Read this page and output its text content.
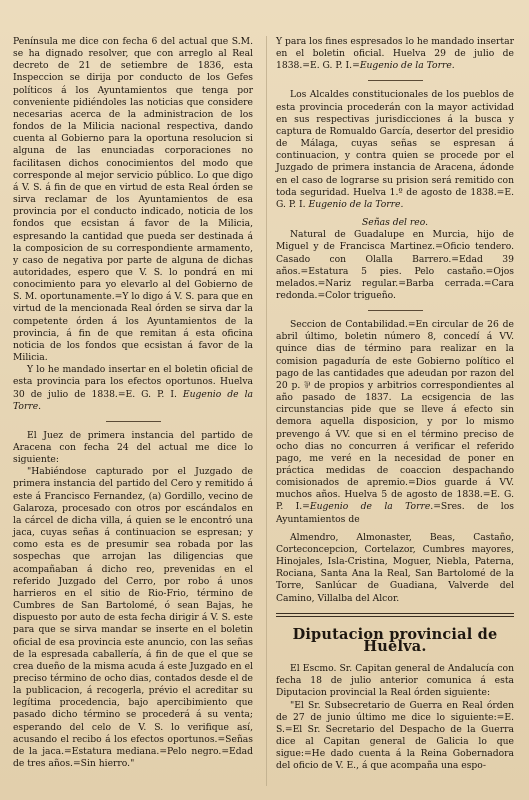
Península me dice con fecha 6 del actual que S.M. se ha dignado resolver, que con arreglo al Real decreto de 21 de setiembre de 1836, esta Inspeccion se dirija por conducto de los Gefes políticos á los Ayuntamientos que tenga por conveniente pidiéndoles las noticias que considere necesarias acerca de la administracion de los fondos de la Milicia nacional respectiva, dando cuenta al Gobierno para la oportuna resolucion si alguna de las enunciadas corporaciones no facilitasen dichos conocimientos del modo que corresponde al mejor servicio público. Lo que digo á V. S. á fin de que en virtud de esta Real órden se sirva reclamar de los Ayuntamientos de esa provincia por el conducto indicado, noticia de los fondos que ecsistan á favor de la Milicia, espresando la cantidad que pueda ser destinada á la composicion de su correspondiente armamento, y caso de negativa por parte de alguna de dichas autoridades, espero que V. S. lo pondrá en mi conocimiento para yo elevarlo al del Gobierno de S. M. oportunamente.=Y lo digo á V. S. para que en virtud de la mencionada Real órden se sirva dar la competente órden á los Ayuntamientos de la provincia, á fin de que remitan á esta oficina noticia de los fondos que ecsistan á favor de la Milicia.

Y lo he mandado insertar en el boletin oficial de esta provincia para los efectos oportunos. Huelva 30 de julio de 1838.=E. G. P. I. Eugenio de la Torre.

El Juez de primera instancia del partido de Aracena con fecha 24 del actual me dice lo siguiente:

"Habiéndose capturado por el Juzgado de primera instancia del partido del Cero y remitido á este á Francisco Fernandez, (a) Gordillo, vecino de Galaroza, procesado con otros por escándalos en la cárcel de dicha villa, á quien se le encontró una jaca, cuyas señas á continuacion se espresan; y como esta es de presumir sea robada por las sospechas que arrojan las diligencias que acompañaban á dicho reo, prevenidas en el referido Juzgado del Cerro, por robo á unos harrieros en el sitio de Rio-Frio, término de Cumbres de San Bartolomé, ó sean Bajas, he dispuesto por auto de esta fecha dirigir á V. S. este para que se sirva mandar se inserte en el boletin oficial de esa provincia este anuncio, con las señas de la espresada caballería, á fin de que el que se crea dueño de la misma acuda á este Juzgado en el preciso término de ocho dias, contados desde el de la publicacion, á recogerla, prévio el acreditar su legítima procedencia, bajo apercibimiento que pasado dicho término se procederá á su venta; esperando del celo de V. S. lo verifique así, acusando el recibo á los efectos oportunos.=Señas de la jaca.=Estatura mediana.=Pelo negro.=Edad de tres años.=Sin hierro."

Y para los fines espresados lo he mandado insertar en el boletin oficial. Huelva 29 de julio de 1838.=E. G. P. I.=Eugenio de la Torre.

Los Alcaldes constitucionales de los pueblos de esta provincia procederán con la mayor actividad en sus respectivas jurisdicciones á la busca y captura de Romualdo García, desertor del presidio de Málaga, cuyas señas se espresan á continuacion, y contra quien se procede por el Juzgado de primera instancia de Aracena, ádonde en el caso de lograrse su prision será remitido con toda seguridad. Huelva 1.º de agosto de 1838.=E. G. P. I. Eugenio de la Torre.

Señas del reo.

Natural de Guadalupe en Murcia, hijo de Miguel y de Francisca Martinez.=Oficio tendero. Casado con Olalla Barrero.=Edad 39 años.=Estatura 5 pies. Pelo castaño.=Ojos melados.=Nariz regular.=Barba cerrada.=Cara redonda.=Color trigueño.

Seccion de Contabilidad.=En circular de 26 de abril último, boletin número 8, concedí á VV. quince dias de término para realizar en la comision pagaduría de este Gobierno político el pago de las cantidades que adeudan por razon del 20 p. ⅌ de propios y arbitrios correspondientes al año pasado de 1837. La ecsigencia de las circunstancias pide que se lleve á efecto sin demora aquella disposicion, y por lo mismo prevengo á VV. que si en el término preciso de ocho dias no concurren á verificar el referido pago, me veré en la necesidad de poner en práctica medidas de coaccion despachando comisionados de apremio.=Dios guarde á VV. muchos años. Huelva 5 de agosto de 1838.=E. G. P. I.=Eugenio de la Torre.=Sres. de los Ayuntamientos de

Almendro, Almonaster, Beas, Castaño, Corteconcepcion, Cortelazor, Cumbres mayores, Hinojales, Isla-Cristina, Moguer, Niebla, Paterna, Rociana, Santa Ana la Real, San Bartolomé de la Torre, Sanlúcar de Guadiana, Valverde del Camino, Villalba del Alcor.

Diputacion provincial de Huelva.

El Escmo. Sr. Capitan general de Andalucía con fecha 18 de julio anterior comunica á esta Diputacion provincial la Real órden siguiente:

"El Sr. Subsecretario de Guerra en Real órden de 27 de junio último me dice lo siguiente:=E. S.=El Sr. Secretario del Despacho de la Guerra dice al Capitan general de Galicia lo que sigue:=He dado cuenta á la Reina Gobernadora del oficio de V. E., á que acompaña una espo-
